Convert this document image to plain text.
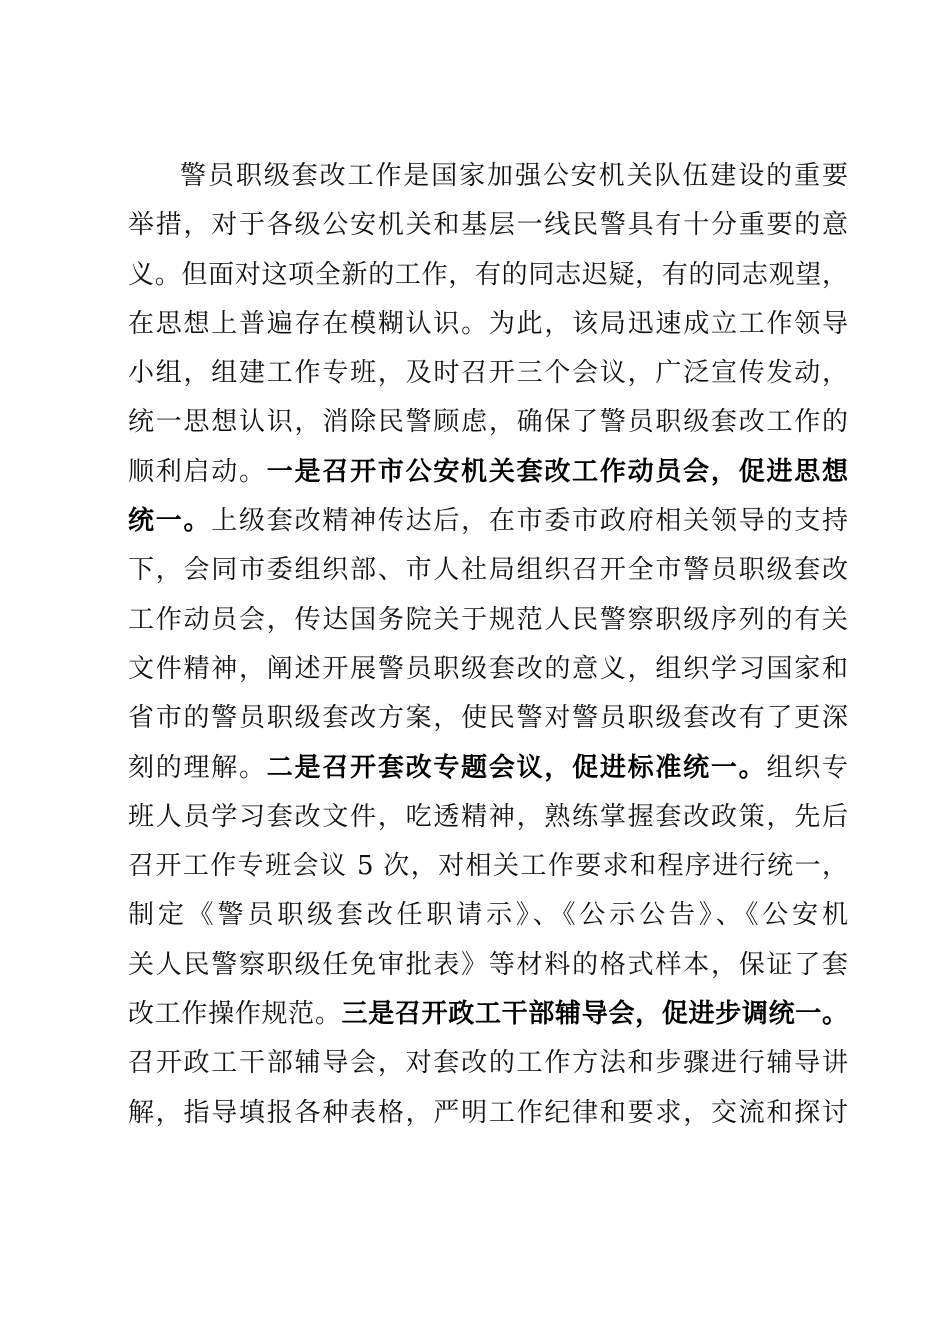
警员职级套改工作是国家加强公安机关队伍建设的重要
举措，对于各级公安机关和基层一线民警具有十分重要的意
义。但面对这项全新的工作，有的同志迟疑，有的同志观望，
在思想上普遍存在模糊认识。为此，该局迅速成立工作领导
小组，组建工作专班，及时召开三个会议，广泛宣传发动，
统一思想认识，消除民警顾虑，确保了警员职级套改工作的
顺利启动。一是召开市公安机关套改工作动员会，促进思想
统一。上级套改精神传达后，在市委市政府相关领导的支持
下，会同市委组织部、市人社局组织召开全市警员职级套改
工作动员会，传达国务院关于规范人民警察职级序列的有关
文件精神，阐述开展警员职级套改的意义，组织学习国家和
省市的警员职级套改方案，使民警对警员职级套改有了更深
刻的理解。二是召开套改专题会议，促进标准统一。组织专
班人员学习套改文件，吃透精神，熟练掌握套改政策，先后
召开工作专班会议 5 次，对相关工作要求和程序进行统一，
制定《警员职级套改任职请示》、《公示公告》、《公安机
关人民警察职级任免审批表》等材料的格式样本，保证了套
改工作操作规范。三是召开政工干部辅导会，促进步调统一。
召开政工干部辅导会，对套改的工作方法和步骤进行辅导讲
解，指导填报各种表格，严明工作纪律和要求，交流和探讨
